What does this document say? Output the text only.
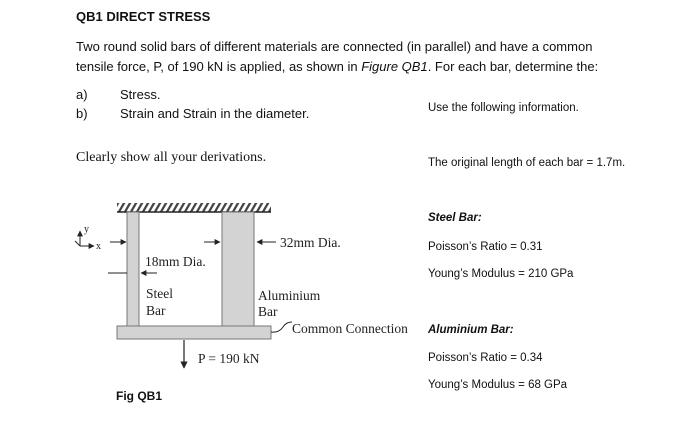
QB1 DIRECT STRESS
Two round solid bars of different materials are connected (in parallel) and have a common
tensile force, P, of 190 kN is applied, as shown in Figure QB1. For each bar, determine the:
a) Stress.
b) Strain and Strain in the diameter.
Clearly show all your derivations.
Use the following information.
The original length of each bar = 1.7m.
Steel Bar:
Poisson’s Ratio = 0.31
Young’s Modulus = 210 GPa
Aluminium Bar:
Poisson’s Ratio = 0.34
Young’s Modulus = 68 GPa
Fig QB1
y
x
18mm Dia.
32mm Dia.
Steel
Bar
Aluminium
Bar
Common Connection
P = 190 kN
